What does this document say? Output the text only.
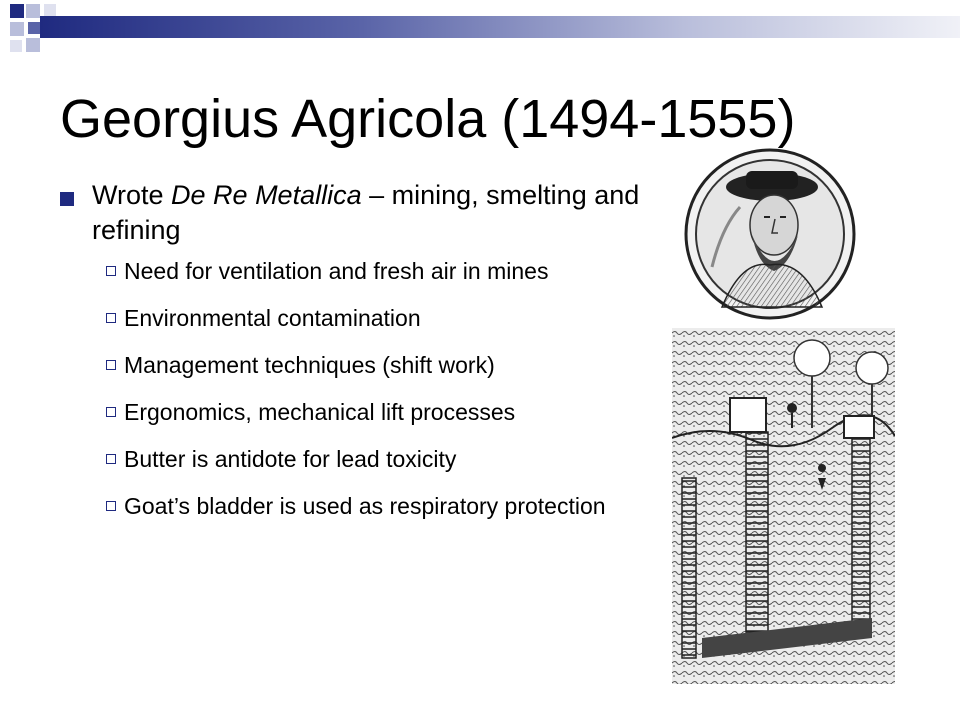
Georgius Agricola (1494-1555)
Wrote De Re Metallica – mining, smelting and refining
Need for ventilation and fresh air in mines
Environmental contamination
Management techniques (shift work)
Ergonomics, mechanical lift processes
Butter is antidote for lead toxicity
Goat’s bladder is used as respiratory protection
